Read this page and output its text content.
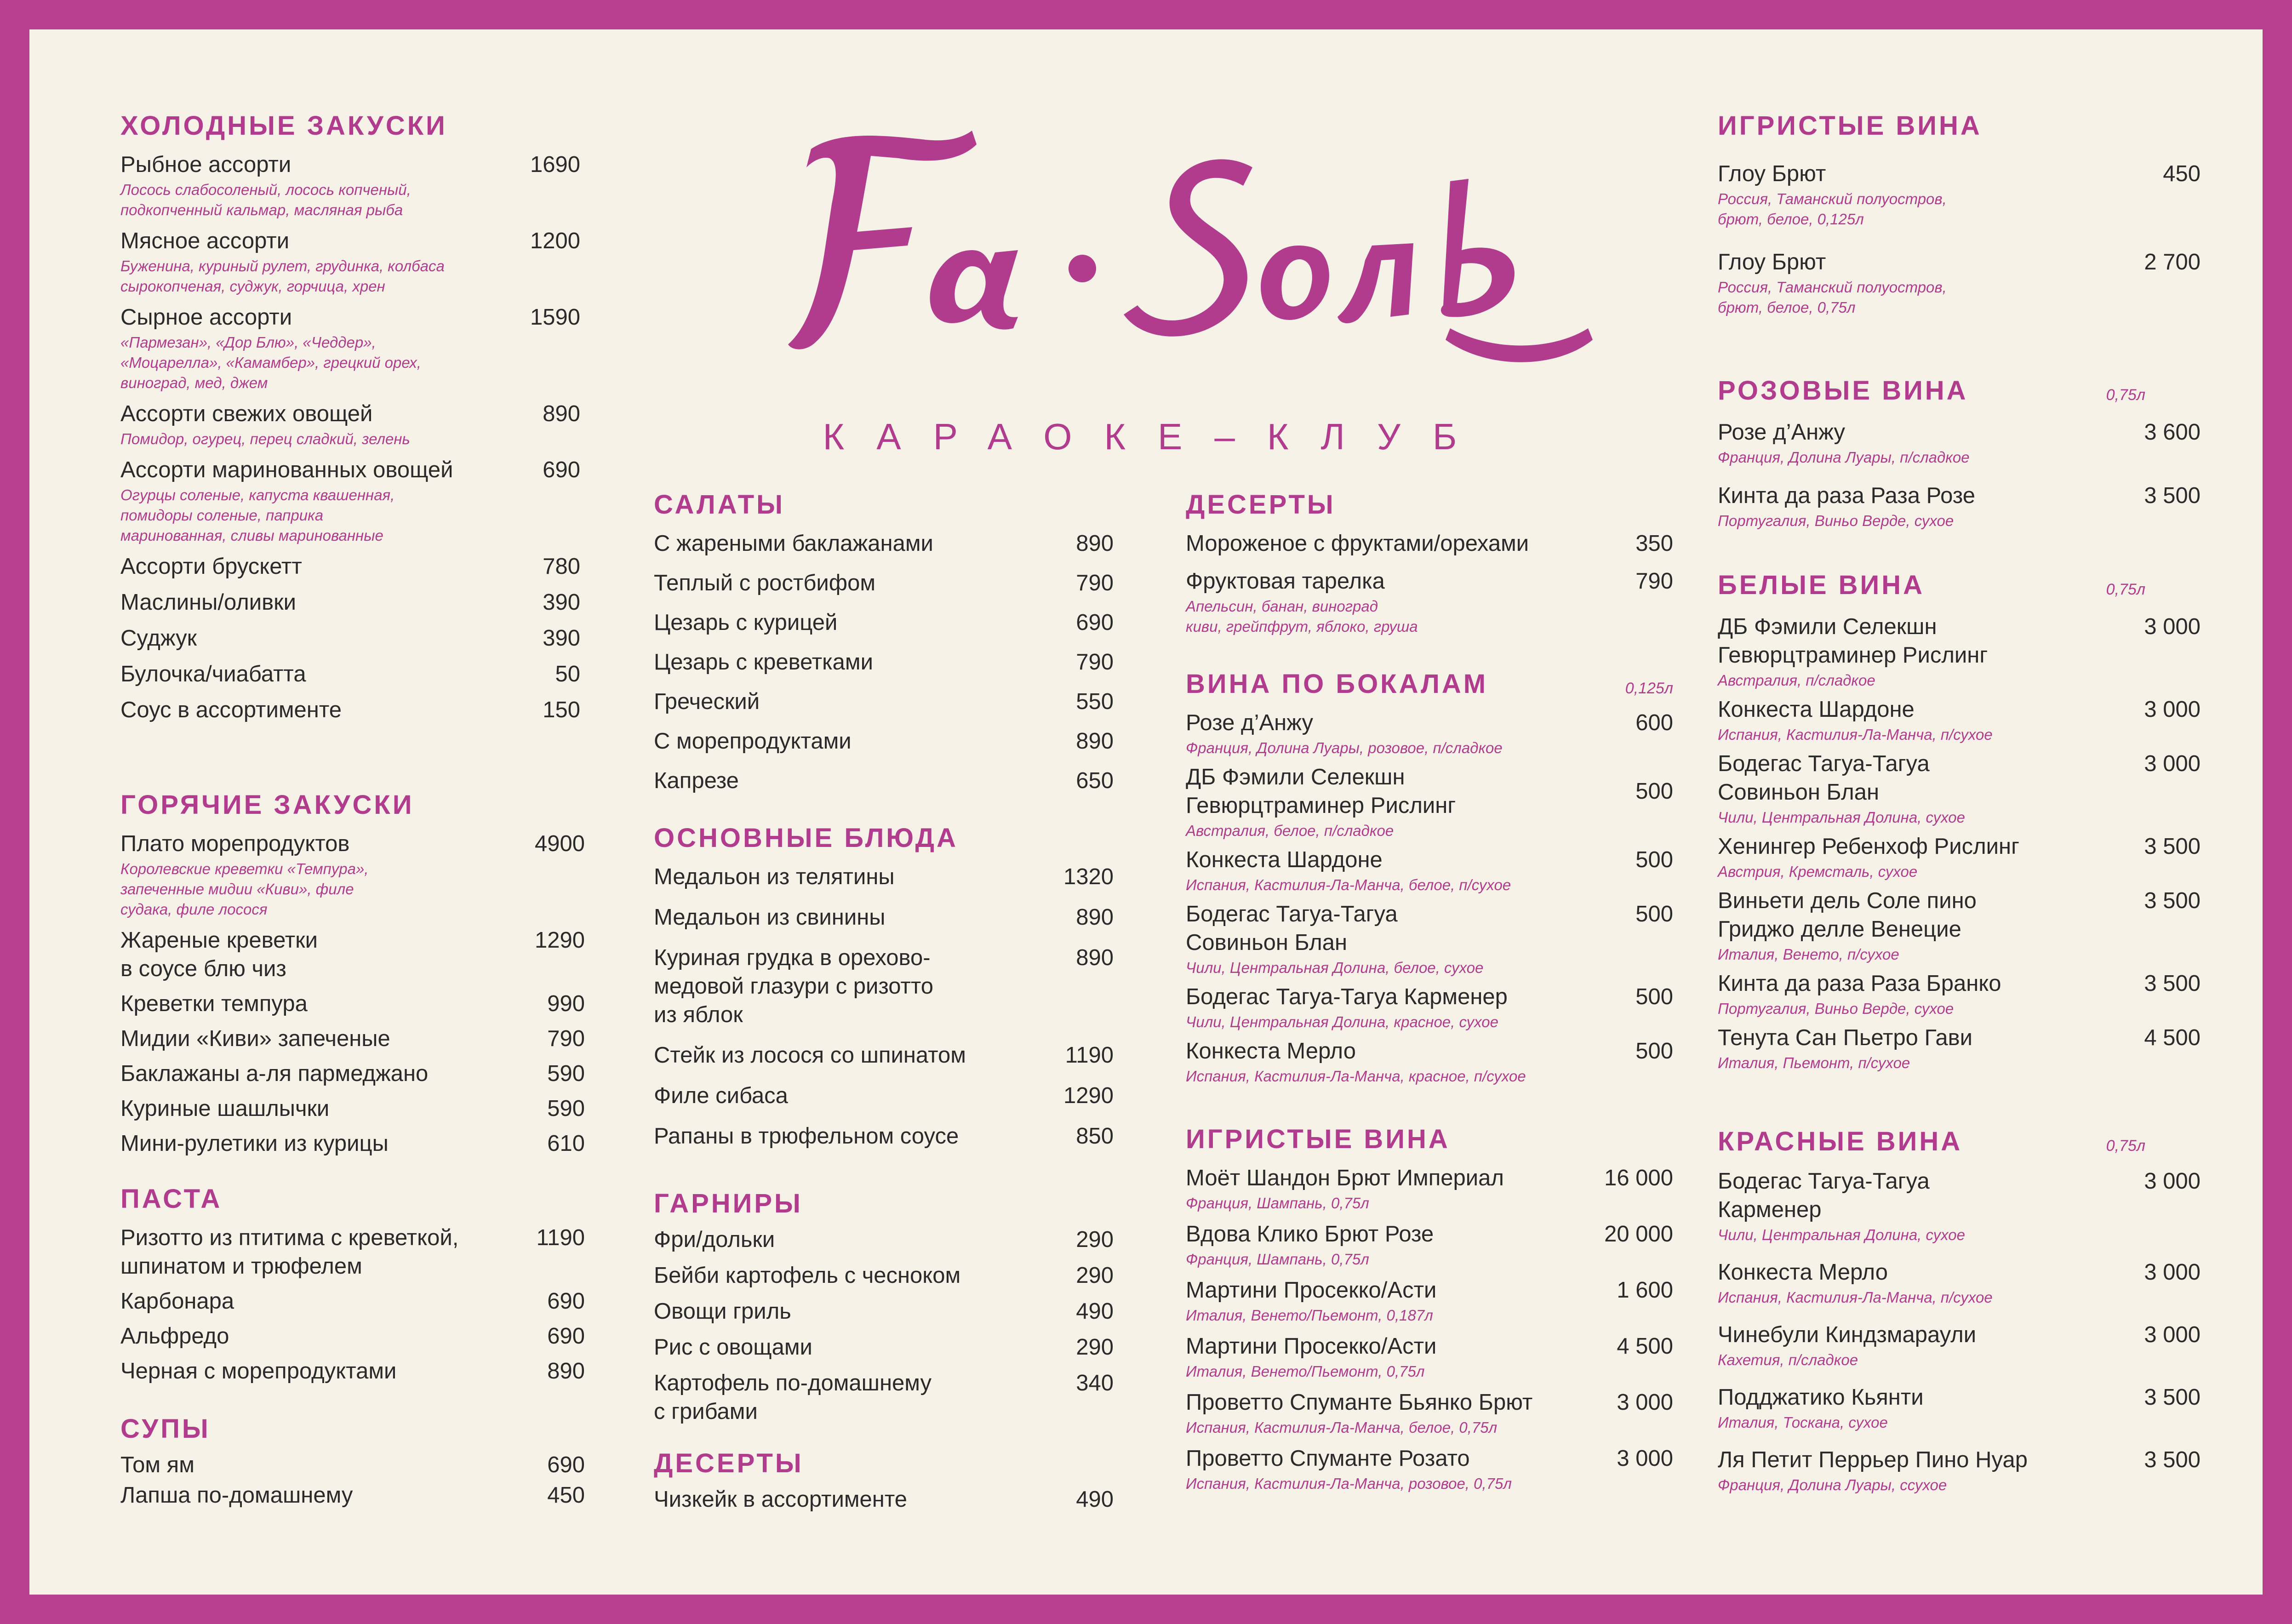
КАРАОКЕ–КЛУБ
ХОЛОДНЫЕ ЗАКУСКИ
Рыбное ассорти	1690
Лосось слабосоленый, лосось копченый,
подкопченный кальмар, масляная рыба
Мясное ассорти	1200
Буженина, куриный рулет, грудинка, колбаса
сырокопченая, суджук, горчица, хрен
Сырное ассорти	1590
«Пармезан», «Дор Блю», «Чеддер»,
«Моцарелла», «Камамбер», грецкий орех,
виноград, мед, джем
Ассорти свежих овощей	890
Помидор, огурец, перец сладкий, зелень
Ассорти маринованных овощей	690
Огурцы соленые, капуста квашенная,
помидоры соленые, паприка
маринованная, сливы маринованные
Ассорти брускетт	780
Маслины/оливки	390
Суджук	390
Булочка/чиабатта	50
Соус в ассортименте	150
ГОРЯЧИЕ ЗАКУСКИ
Плато морепродуктов	4900
Королевские креветки «Темпура»,
запеченные мидии «Киви», филе
судака, филе лосося
Жареные креветки
в соусе блю чиз
1290
Креветки темпура	990
Мидии «Киви» запеченые	790
Баклажаны а-ля пармеджано	590
Куриные шашлычки	590
Мини-рулетики из курицы	610
ПАСТА
Ризотто из птитима с креветкой,
шпинатом и трюфелем
1190
Карбонара	690
Альфредо	690
Черная с морепродуктами	890
СУПЫ
Том ям	690
Лапша по-домашнему	450
САЛАТЫ
С жареными баклажанами	890
Теплый с ростбифом	790
Цезарь с курицей	690
Цезарь с креветками	790
Греческий	550
С морепродуктами	890
Капрезе	650
ОСНОВНЫЕ БЛЮДА
Медальон из телятины	1320
Медальон из свинины	890
Куриная грудка в орехово-
медовой глазури с ризотто
из яблок
890
Стейк из лосося со шпинатом	1190
Филе сибаса	1290
Рапаны в трюфельном соусе	850
ГАРНИРЫ
Фри/дольки	290
Бейби картофель с чесноком	290
Овощи гриль	490
Рис с овощами	290
Картофель по-домашнему
с грибами
340
ДЕСЕРТЫ
Чизкейк в ассортименте	490
ДЕСЕРТЫ
Мороженое с фруктами/орехами	350
Фруктовая тарелка	790
Апельсин, банан, виноград
киви, грейпфрут, яблоко, груша
ВИНА ПО БОКАЛАМ	0,125л
Розе д’Анжу	600
Франция, Долина Луары, розовое, п/сладкое
ДБ Фэмили Селекшн
Гевюрцтраминер Рислинг
500
Австралия, белое, п/сладкое
Конкеста Шардоне	500
Испания, Кастилия-Ла-Манча, белое, п/сухое
Бодегас Тагуа-Тагуа
Совиньон Блан
500
Чили, Центральная Долина, белое, сухое
Бодегас Тагуа-Тагуа Карменер	500
Чили, Центральная Долина, красное, сухое
Конкеста Мерло	500
Испания, Кастилия-Ла-Манча, красное, п/сухое
ИГРИСТЫЕ ВИНА
Моёт Шандон Брют Империал	16 000
Франция, Шампань, 0,75л
Вдова Клико Брют Розе	20 000
Франция, Шампань, 0,75л
Мартини Просекко/Асти	1 600
Италия, Венето/Пьемонт, 0,187л
Мартини Просекко/Асти	4 500
Италия, Венето/Пьемонт, 0,75л
Проветто Спуманте Бьянко Брют	3 000
Испания, Кастилия-Ла-Манча, белое, 0,75л
Проветто Спуманте Розато	3 000
Испания, Кастилия-Ла-Манча, розовое, 0,75л
ИГРИСТЫЕ ВИНА
Глоу Брют	450
Россия, Таманский полуостров,
брют, белое, 0,125л
Глоу Брют	2 700
Россия, Таманский полуостров,
брют, белое, 0,75л
РОЗОВЫЕ ВИНА	0,75л
Розе д’Анжу	3 600
Франция, Долина Луары, п/сладкое
Кинта да раза Раза Розе	3 500
Португалия, Виньо Верде, сухое
БЕЛЫЕ ВИНА	0,75л
ДБ Фэмили Селекшн
Гевюрцтраминер Рислинг
3 000
Австралия, п/сладкое
Конкеста Шардоне	3 000
Испания, Кастилия-Ла-Манча, п/сухое
Бодегас Тагуа-Тагуа
Совиньон Блан
3 000
Чили, Центральная Долина, сухое
Хенингер Ребенхоф Рислинг	3 500
Австрия, Кремсталь, сухое
Виньети дель Соле пино
Гриджо делле Венецие
3 500
Италия, Венето, п/сухое
Кинта да раза Раза Бранко	3 500
Португалия, Виньо Верде, сухое
Тенута Сан Пьетро Гави	4 500
Италия, Пьемонт, п/сухое
КРАСНЫЕ ВИНА	0,75л
Бодегас Тагуа-Тагуа
Карменер
3 000
Чили, Центральная Долина, сухое
Конкеста Мерло	3 000
Испания, Кастилия-Ла-Манча, п/сухое
Чинебули Киндзмараули	3 000
Кахетия, п/сладкое
Подджатико Кьянти	3 500
Италия, Тоскана, сухое
Ля Петит Перрьер Пино Нуар	3 500
Франция, Долина Луары, ссухое
